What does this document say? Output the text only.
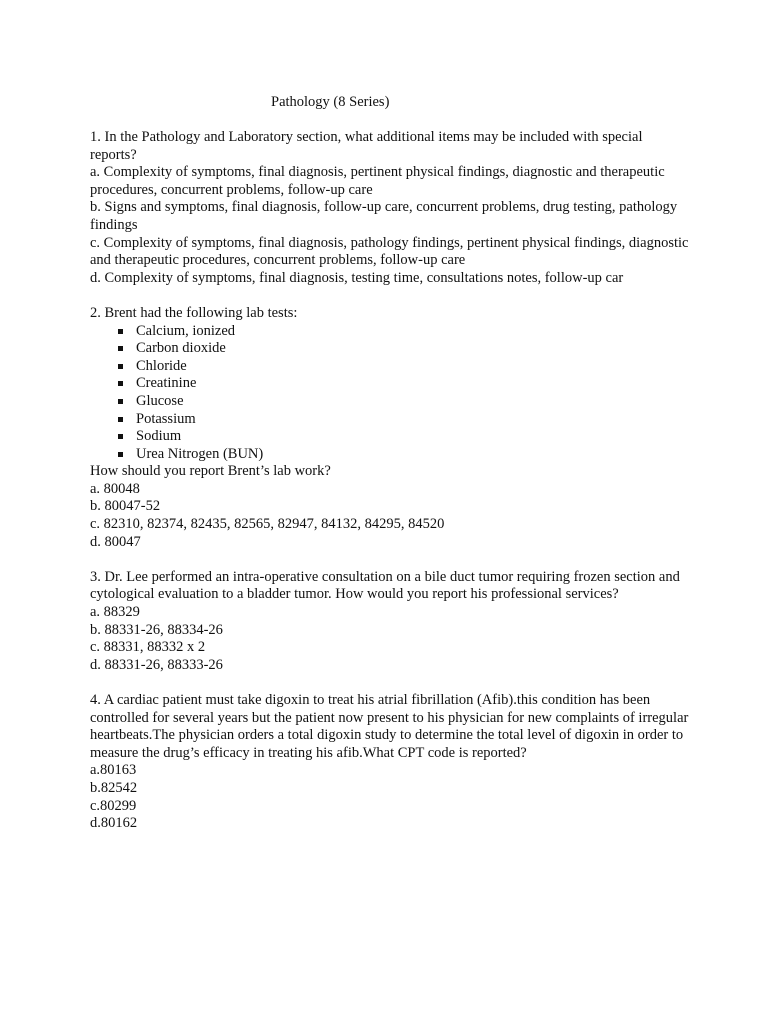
Pathology (8 Series)

1. In the Pathology and Laboratory section, what additional items may be included with special reports?

a. Complexity of symptoms, final diagnosis, pertinent physical findings, diagnostic and therapeutic procedures, concurrent problems, follow-up care

b. Signs and symptoms, final diagnosis, follow-up care, concurrent problems, drug testing, pathology findings

c. Complexity of symptoms, final diagnosis, pathology findings, pertinent physical findings, diagnostic and therapeutic procedures, concurrent problems, follow-up care

d. Complexity of symptoms, final diagnosis, testing time, consultations notes, follow-up car

2. Brent had the following lab tests:

Calcium, ionized
Carbon dioxide
Chloride
Creatinine
Glucose
Potassium
Sodium
Urea Nitrogen (BUN)

How should you report Brent’s lab work?

a. 80048

b. 80047-52

c. 82310, 82374, 82435, 82565, 82947, 84132, 84295, 84520

d. 80047

3. Dr. Lee performed an intra-operative consultation on a bile duct tumor requiring frozen section and cytological evaluation to a bladder tumor. How would you report his professional services?

a. 88329

b. 88331-26, 88334-26

c. 88331, 88332 x 2

d. 88331-26, 88333-26

4. A cardiac patient must take digoxin to treat his atrial fibrillation (Afib).this condition has been controlled for several years but the patient now present to his physician for new complaints of irregular heartbeats.The physician orders a total digoxin study to determine the total level of digoxin in order to measure the drug’s efficacy in treating his afib.What CPT code is reported?

a.80163

b.82542

c.80299

d.80162
